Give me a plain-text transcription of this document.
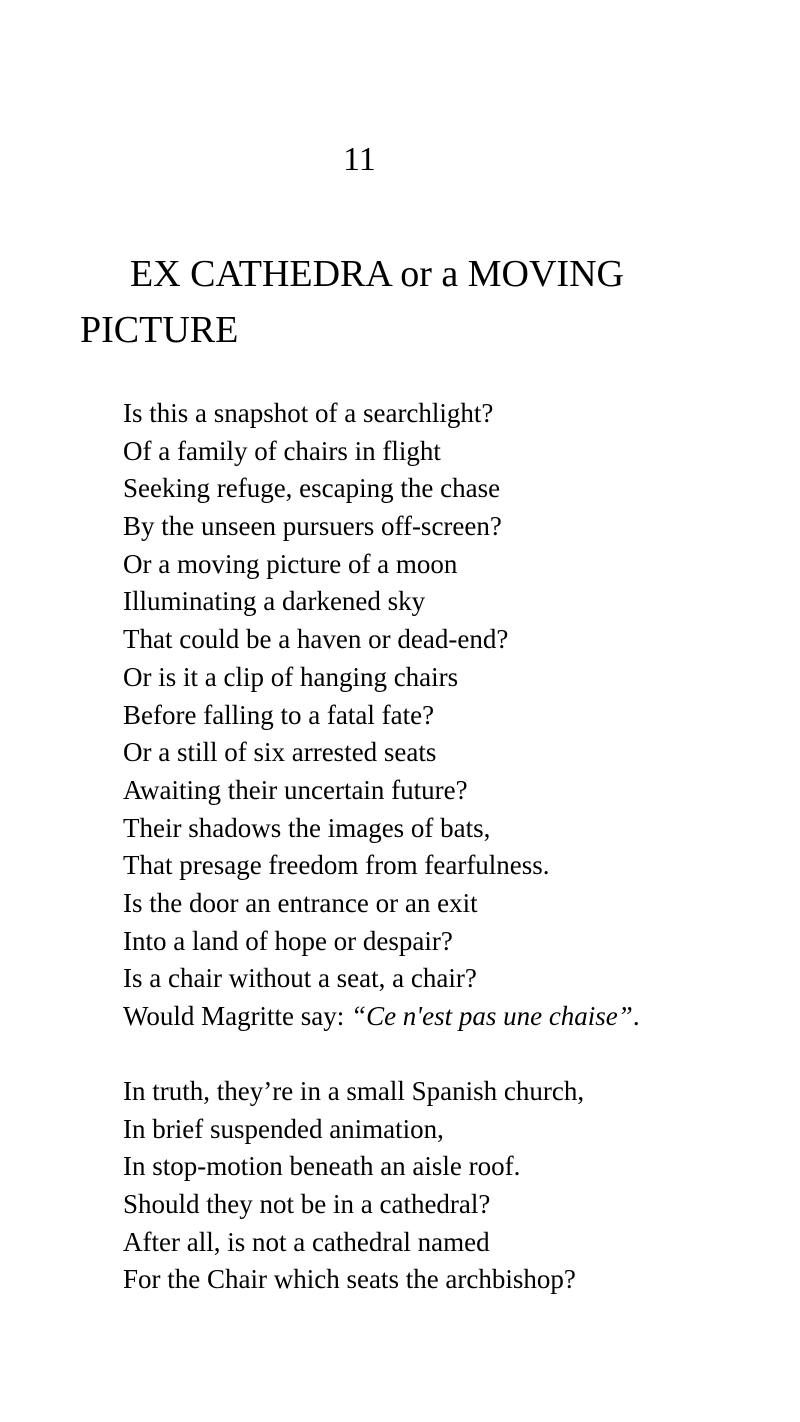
11
EX CATHEDRA or a MOVING PICTURE
Is this a snapshot of a searchlight?
Of a family of chairs in flight
Seeking refuge, escaping the chase
By the unseen pursuers off-screen?
Or a moving picture of a moon
Illuminating a darkened sky
That could be a haven or dead-end?
Or is it a clip of hanging chairs
Before falling to a fatal fate?
Or a still of six arrested seats
Awaiting their uncertain future?
Their shadows the images of bats,
That presage freedom from fearfulness.
Is the door an entrance or an exit
Into a land of hope or despair?
Is a chair without a seat, a chair?
Would Magritte say: “Ce n'est pas une chaise”.
In truth, they’re in a small Spanish church,
In brief suspended animation,
In stop-motion beneath an aisle roof.
Should they not be in a cathedral?
After all, is not a cathedral named
For the Chair which seats the archbishop?
